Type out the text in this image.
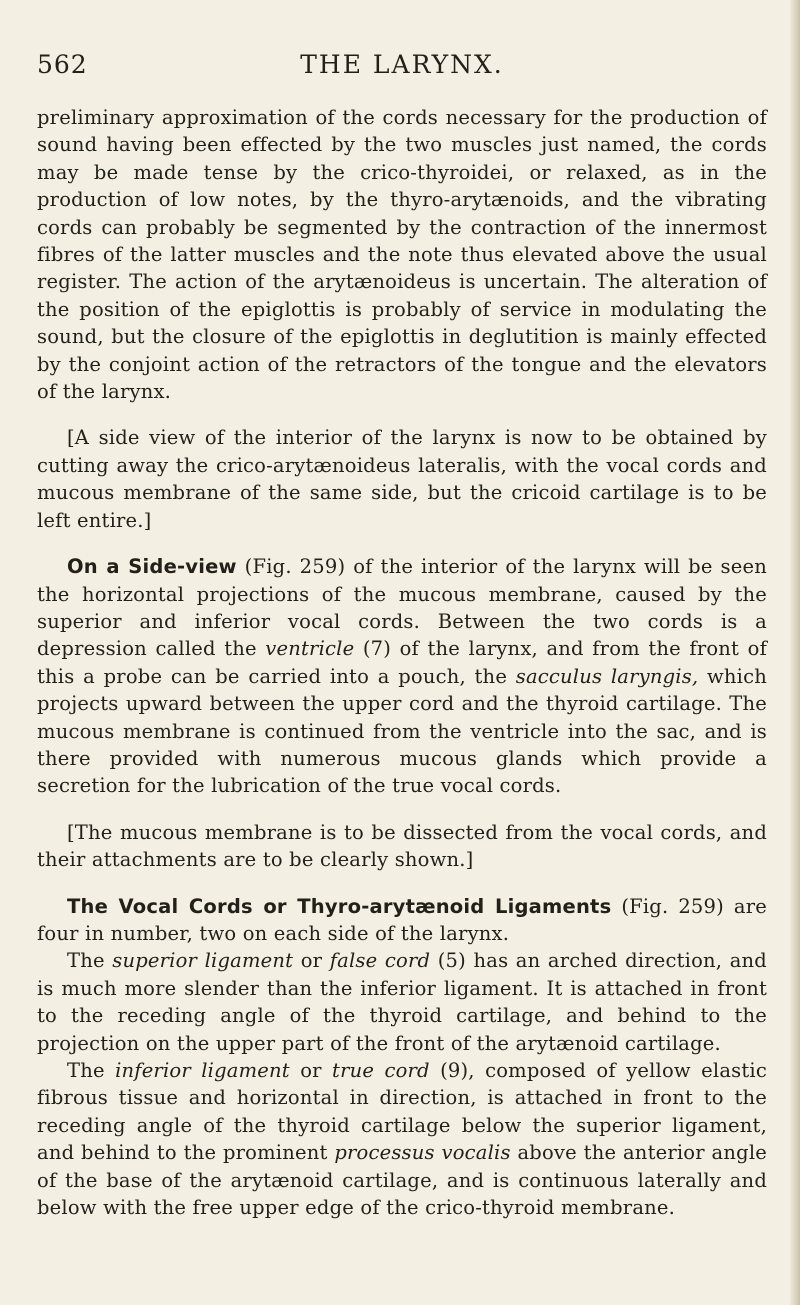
562	THE LARYNX.

preliminary approximation of the cords necessary for the production of sound having been effected by the two muscles just named, the cords may be made tense by the crico-thyroidei, or relaxed, as in the production of low notes, by the thyro-arytænoids, and the vibrating cords can probably be segmented by the contraction of the innermost fibres of the latter muscles and the note thus elevated above the usual register. The action of the arytænoideus is uncertain. The alteration of the position of the epiglottis is probably of service in modulating the sound, but the closure of the epiglottis in deglutition is mainly effected by the conjoint action of the retractors of the tongue and the elevators of the larynx.

[A side view of the interior of the larynx is now to be obtained by cutting away the crico-arytænoideus lateralis, with the vocal cords and mucous membrane of the same side, but the cricoid cartilage is to be left entire.]

On a Side-view (Fig. 259) of the interior of the larynx will be seen the horizontal projections of the mucous membrane, caused by the superior and inferior vocal cords. Between the two cords is a depression called the ventricle (7) of the larynx, and from the front of this a probe can be carried into a pouch, the sacculus laryngis, which projects upward between the upper cord and the thyroid cartilage. The mucous membrane is continued from the ventricle into the sac, and is there provided with numerous mucous glands which provide a secretion for the lubrication of the true vocal cords.

[The mucous membrane is to be dissected from the vocal cords, and their attachments are to be clearly shown.]

The Vocal Cords or Thyro-arytænoid Ligaments (Fig. 259) are four in number, two on each side of the larynx.

The superior ligament or false cord (5) has an arched direction, and is much more slender than the inferior ligament. It is attached in front to the receding angle of the thyroid cartilage, and behind to the projection on the upper part of the front of the arytænoid cartilage.

The inferior ligament or true cord (9), composed of yellow elastic fibrous tissue and horizontal in direction, is attached in front to the receding angle of the thyroid cartilage below the superior ligament, and behind to the prominent processus vocalis above the anterior angle of the base of the arytænoid cartilage, and is continuous laterally and below with the free upper edge of the crico-thyroid membrane.
